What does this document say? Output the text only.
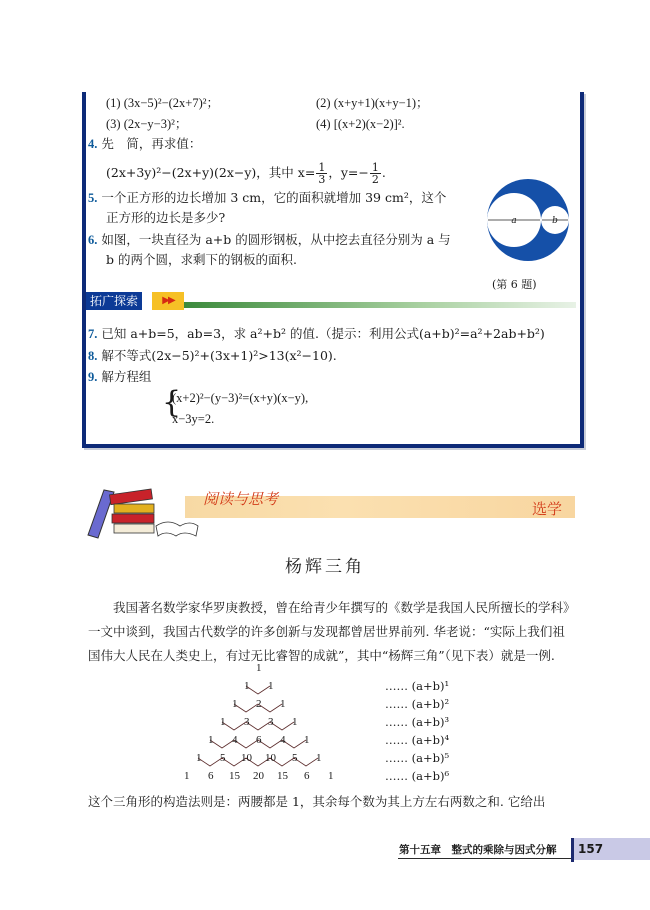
(1) (3x−5)²−(2x+7)²；	(2) (x+y+1)(x+y−1)；
(3) (2x−y−3)²；	(4) [(x+2)(x−2)]².
4. 先　简，再求值：
(2x+3y)²−(2x+y)(2x−y)，其中 $x= \frac{1}{3}$ ，$y=- \frac{1}{2}$ .
5. 一个正方形的边长增加 3 cm，它的面积就增加 39 cm²，这个
正方形的边长是多少?
6. 如图，一块直径为 a+b 的圆形钢板，从中挖去直径分别为 a 与
b 的两个圆，求剩下的钢板的面积.
a	b
(第 6 题)
拓广探索	▶▶
7. 已知 a+b=5，ab=3，求 a²+b² 的值.（提示：利用公式(a+b)²=a²+2ab+b²)
8. 解不等式(2x−5)²+(3x+1)²>13(x²−10).
9. 解方程组
{
(x+2)²−(y−3)²=(x+y)(x−y),
x−3y=2.
阅读与思考
选学
杨辉三角

　　我国著名数学家华罗庚教授，曾在给青少年撰写的《数学是我国人民所擅长的学科》

一文中谈到，我国古代数学的许多创新与发现都曾居世界前列. 华老说：“实际上我们祖

国伟大人民在人类史上，有过无比睿智的成就”，其中“杨辉三角”（见下表）就是一例.

1
1 1
1 2 1
1 3 3 1
1 4 6 4 1
1 5 10 10 5 1
1 6 15 20 15 6 1
…… (a+b)¹
…… (a+b)²
…… (a+b)³
…… (a+b)⁴
…… (a+b)⁵
…… (a+b)⁶

这个三角形的构造法则是：两腰都是 1，其余每个数为其上方左右两数之和. 它给出

第十五章　整式的乘除与因式分解 157
